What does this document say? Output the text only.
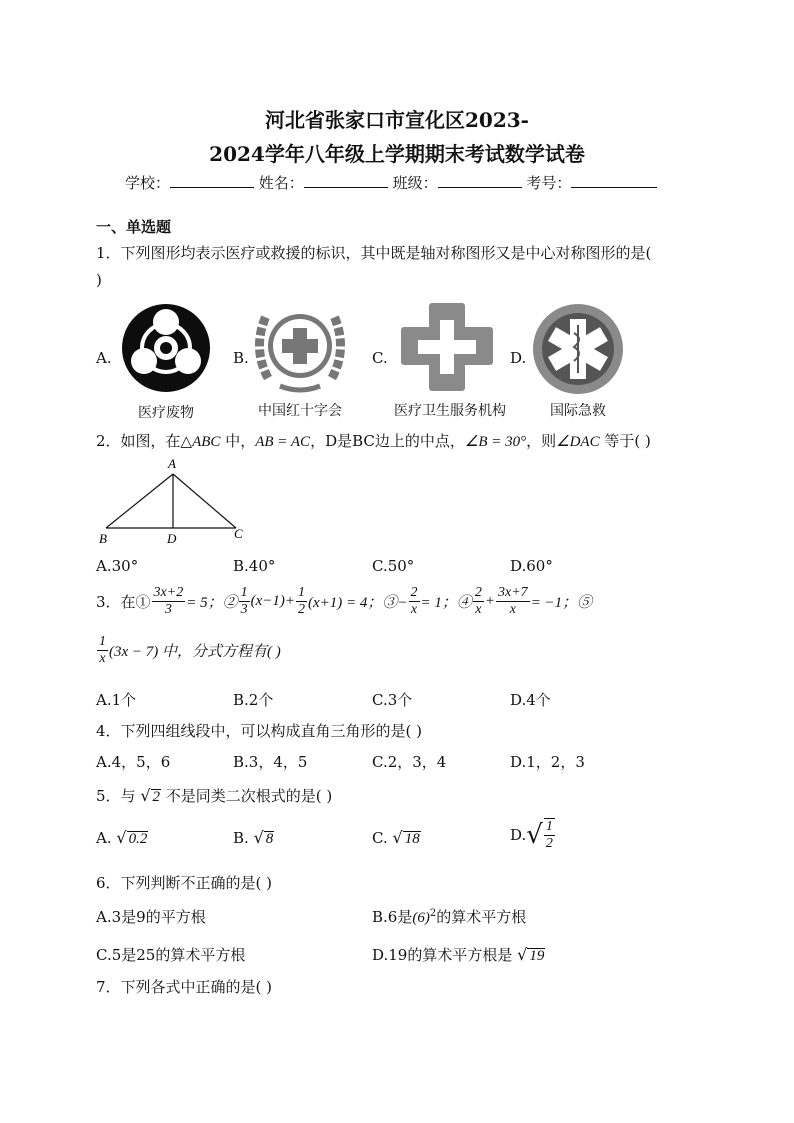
河北省张家口市宣化区2023-
2024学年八年级上学期期末考试数学试卷
学校：	姓名：	班级：	考号：
一、单选题
1．下列图形均表示医疗或救援的标识，其中既是轴对称图形又是中心对称图形的是(
)
A.
医疗废物
B.
中国红十字会
C.
医疗卫生服务机构
D.
国际急救
2．如图，在△ABC 中，AB = AC，D是BC边上的中点，∠B = 30°，则∠DAC 等于( )
A
B	D	C
A.30°	B.40°	C.50°	D.60°
3．在① $\frac{3x+2}{3} = 5$；② $\frac{1}{3} (x-1)+ \frac{1}{2} (x+1) = 4$；③− $\frac{2}{x} = 1$；④ $\frac{2}{x} + \frac{3x+7}{x} = -1$；⑤
$\frac{1}{x} (3x - 7)$ 中，分式方程有( )
A.1个	B.2个	C.3个	D.4个
4．下列四组线段中，可以构成直角三角形的是( )
A.4，5，6	B.3，4，5	C.2，3，4	D.1，2，3
5．与 √ 2 不是同类二次根式的是( )
A. √ 0.2	B. √ 8	C. √ 18	D. √ $\frac{1}{2}$
6．下列判断不正确的是( )
A.3是9的平方根	B.6是$(6)^2$的算术平方根
C.5是25的算术平方根	D.19的算术平方根是 √ 19
7．下列各式中正确的是( )
